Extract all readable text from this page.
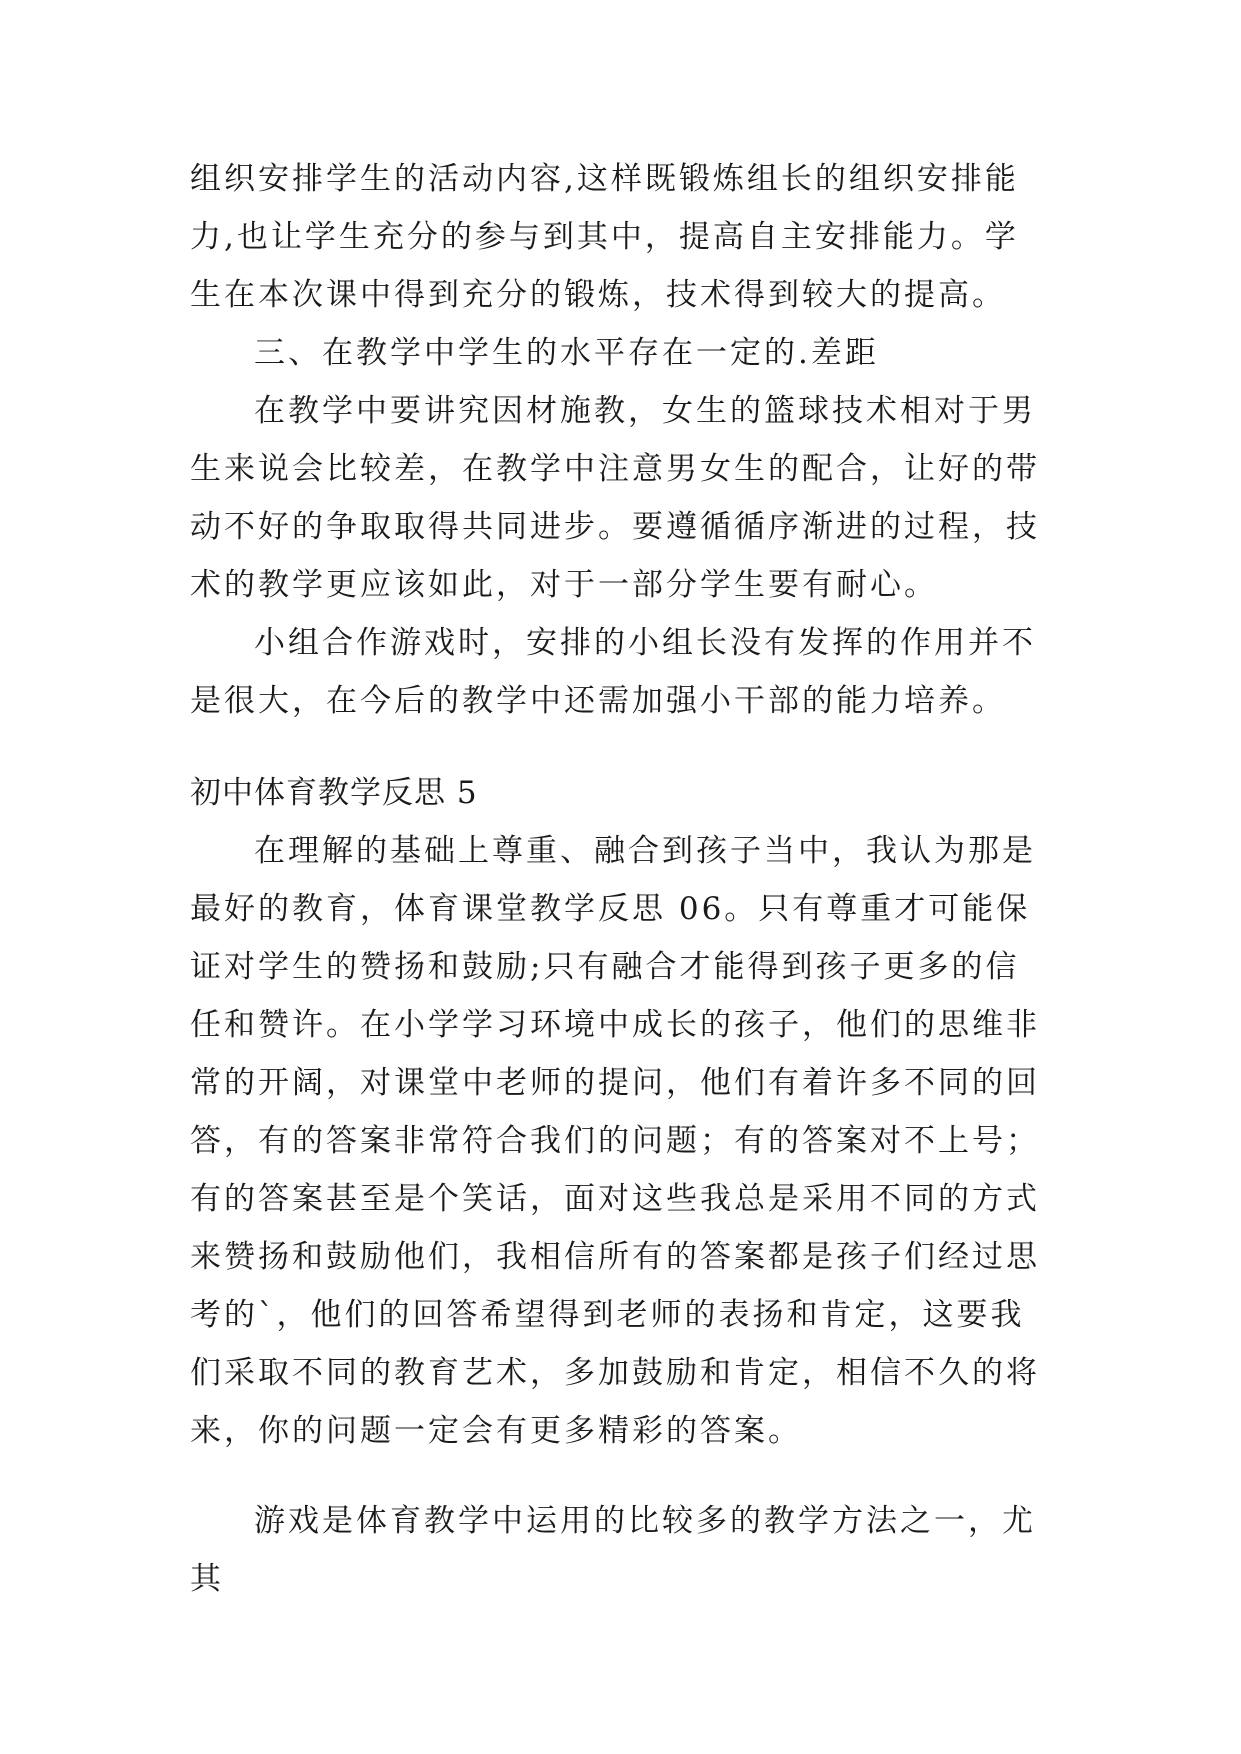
组织安排学生的活动内容,这样既锻炼组长的组织安排能力,也让学生充分的参与到其中，提高自主安排能力。学生在本次课中得到充分的锻炼，技术得到较大的提高。

三、在教学中学生的水平存在一定的.差距

在教学中要讲究因材施教，女生的篮球技术相对于男生来说会比较差，在教学中注意男女生的配合，让好的带动不好的争取取得共同进步。要遵循循序渐进的过程，技术的教学更应该如此，对于一部分学生要有耐心。

小组合作游戏时，安排的小组长没有发挥的作用并不是很大，在今后的教学中还需加强小干部的能力培养。

初中体育教学反思 5

在理解的基础上尊重、融合到孩子当中，我认为那是最好的教育，体育课堂教学反思 06。只有尊重才可能保证对学生的赞扬和鼓励;只有融合才能得到孩子更多的信任和赞许。在小学学习环境中成长的孩子，他们的思维非常的开阔，对课堂中老师的提问，他们有着许多不同的回答，有的答案非常符合我们的问题；有的答案对不上号；有的答案甚至是个笑话，面对这些我总是采用不同的方式来赞扬和鼓励他们，我相信所有的答案都是孩子们经过思考的`，他们的回答希望得到老师的表扬和肯定，这要我们采取不同的教育艺术，多加鼓励和肯定，相信不久的将来，你的问题一定会有更多精彩的答案。

游戏是体育教学中运用的比较多的教学方法之一，尤其
